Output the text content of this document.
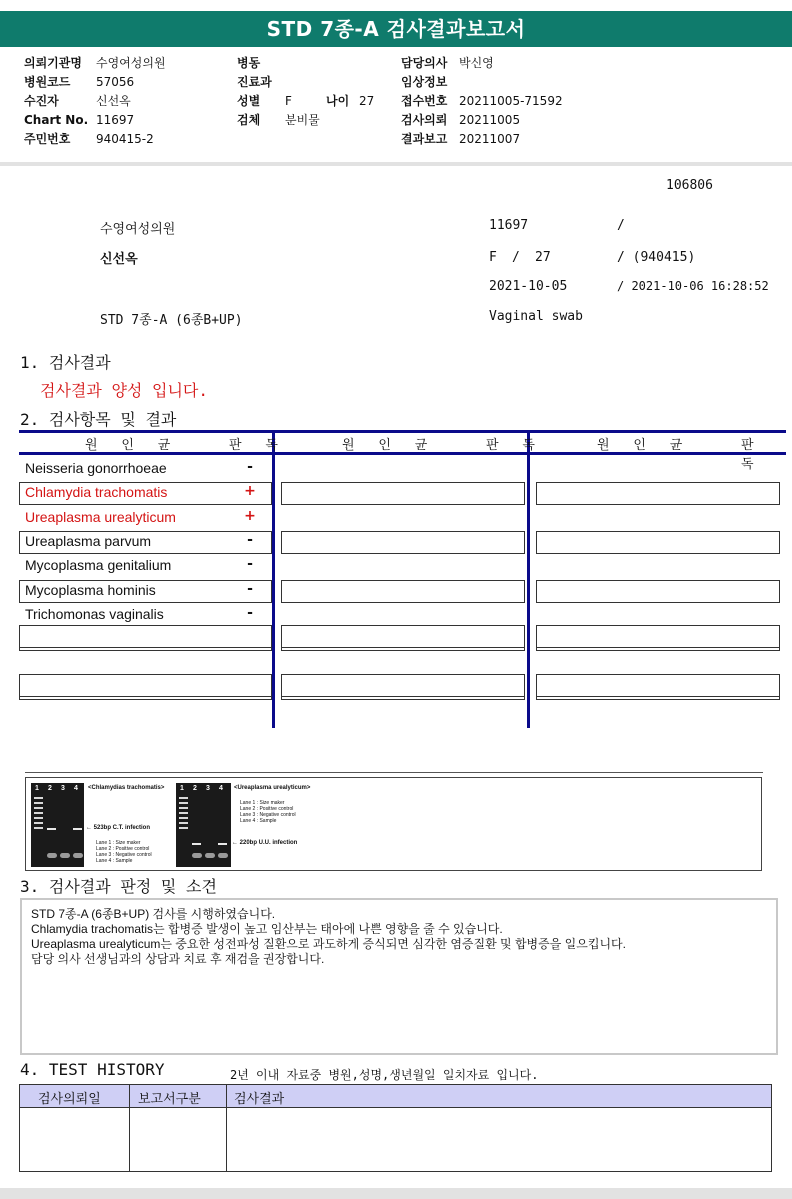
STD 7종-A 검사결과보고서
의뢰기관명 수영여성의원
병원코드 57056
수진자	신선옥
Chart No. 11697
주민번호 940415-2
병동
진료과
성별 F
검체 분비물
나이 27
담당의사 박신영
임상정보
접수번호 20211005-71592
검사의뢰 20211005
결과보고 20211007
106806
수영여성의원	11697	/
신선옥	F / 27	/ (940415)
2021-10-05	/ 2021-10-06 16:28:52
STD 7종-A (6종B+UP)	Vaginal swab
1. 검사결과
검사결과 양성 입니다.
2. 검사항목 및 결과
원 인 균	판 독	원 인 균	판 독	원 인 균	판 독
Neisseria gonorrhoeae	-
Chlamydia trachomatis	+
Ureaplasma urealyticum	+
Ureaplasma parvum	-
Mycoplasma genitalium	-
Mycoplasma hominis	-
Trichomonas vaginalis	-
1 2 3 4 <Chlamydias trachomatis>
← 523bp C.T. infection
Lane 1 : Size maker
Lane 2 : Positive control
Lane 3 : Negative control
Lane 4 : Sample
1 2 3 4 <Ureaplasma urealyticum>
Lane 1 : Size maker
Lane 2 : Positive control
Lane 3 : Negative control
Lane 4 : Sample
← 220bp U.U. infection
3. 검사결과 판정 및 소견
STD 7종-A (6종B+UP) 검사를 시행하였습니다.
Chlamydia trachomatis는 합병증 발생이 높고 임산부는 태아에 나쁜 영향을 줄 수 있습니다.
Ureaplasma urealyticum는 중요한 성전파성 질환으로 과도하게 증식되면 심각한 염증질환 및 합병증을 일으킵니다.
담당 의사 선생님과의 상담과 치료 후 재검을 권장합니다.
4. TEST HISTORY	2년 이내 자료중 병원,성명,생년월일 일치자료 입니다.
검사의뢰일	보고서구분	검사결과
